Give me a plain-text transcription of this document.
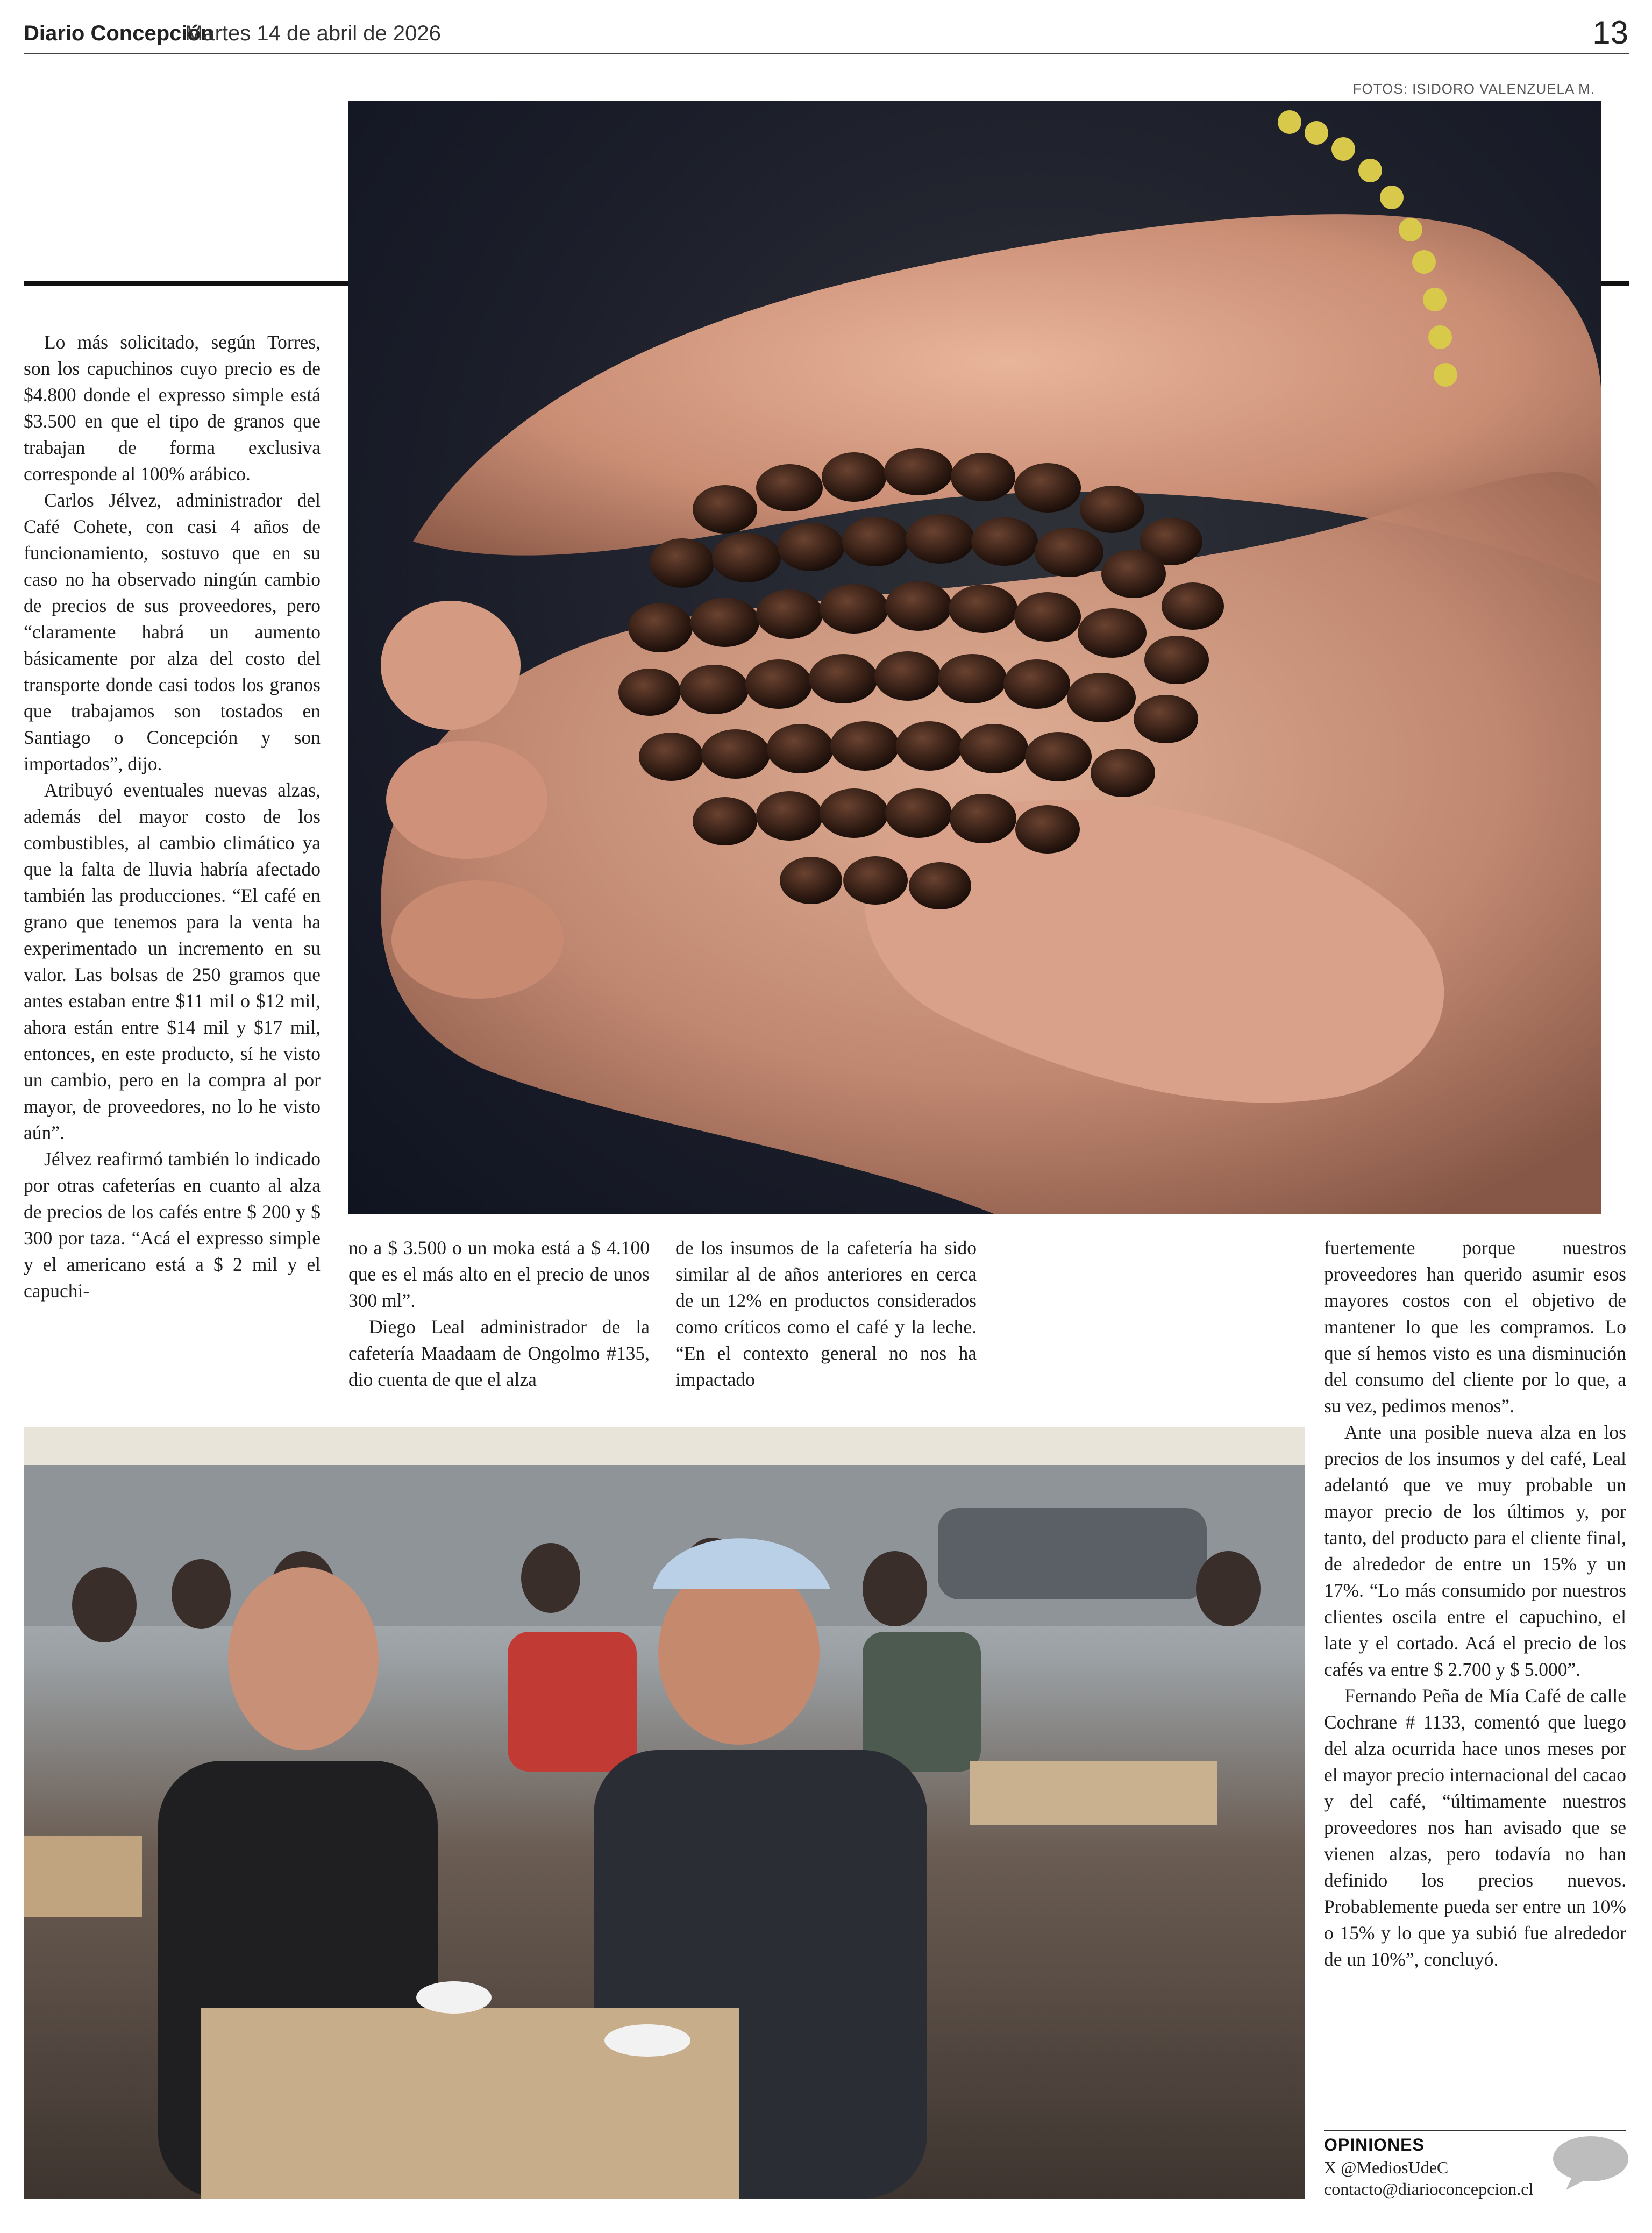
Diario Concepción
Martes 14 de abril de 2026	13
FOTOS: ISIDORO VALENZUELA M.

Lo más solicitado, según Torres, son los capuchinos cuyo precio es de $4.800 donde el expresso simple está $3.500 en que el tipo de granos que trabajan de forma exclusiva corresponde al 100% arábico.

Carlos Jélvez, administrador del Café Cohete, con casi 4 años de funcionamiento, sostuvo que en su caso no ha observado ningún cambio de precios de sus proveedores, pero “claramente habrá un aumento básicamente por alza del costo del transporte donde casi todos los granos que trabajamos son tostados en Santiago o Concepción y son importados”, dijo.

Atribuyó eventuales nuevas alzas, además del mayor costo de los combustibles, al cambio climático ya que la falta de lluvia habría afectado también las producciones. “El café en grano que tenemos para la venta ha experimentado un incremento en su valor. Las bolsas de 250 gramos que antes estaban entre $11 mil o $12 mil, ahora están entre $14 mil y $17 mil, entonces, en este producto, sí he visto un cambio, pero en la compra al por mayor, de proveedores, no lo he visto aún”.

Jélvez reafirmó también lo indicado por otras cafeterías en cuanto al alza de precios de los cafés entre $ 200 y $ 300 por taza. “Acá el expresso simple y el americano está a $ 2 mil y el capuchi-

no a $ 3.500 o un moka está a $ 4.100 que es el más alto en el precio de unos 300 ml”.

Diego Leal administrador de la cafetería Maadaam de Ongolmo #135, dio cuenta de que el alza

de los insumos de la cafetería ha sido similar al de años anteriores en cerca de un 12% en productos considerados como críticos como el café y la leche. “En el contexto general no nos ha impactado

fuertemente porque nuestros proveedores han querido asumir esos mayores costos con el objetivo de mantener lo que les compramos. Lo que sí hemos visto es una disminución del consumo del cliente por lo que, a su vez, pedimos menos”.

Ante una posible nueva alza en los precios de los insumos y del café, Leal adelantó que ve muy probable un mayor precio de los últimos y, por tanto, del producto para el cliente final, de alrededor de entre un 15% y un 17%. “Lo más consumido por nuestros clientes oscila entre el capuchino, el late y el cortado. Acá el precio de los cafés va entre $ 2.700 y $ 5.000”.

Fernando Peña de Mía Café de calle Cochrane # 1133, comentó que luego del alza ocurrida hace unos meses por el mayor precio internacional del cacao y del café, “últimamente nuestros proveedores nos han avisado que se vienen alzas, pero todavía no han definido los precios nuevos. Probablemente pueda ser entre un 10% o 15% y lo que ya subió fue alrededor de un 10%”, concluyó.

OPINIONES
X @MediosUdeC
contacto@diarioconcepcion.cl
